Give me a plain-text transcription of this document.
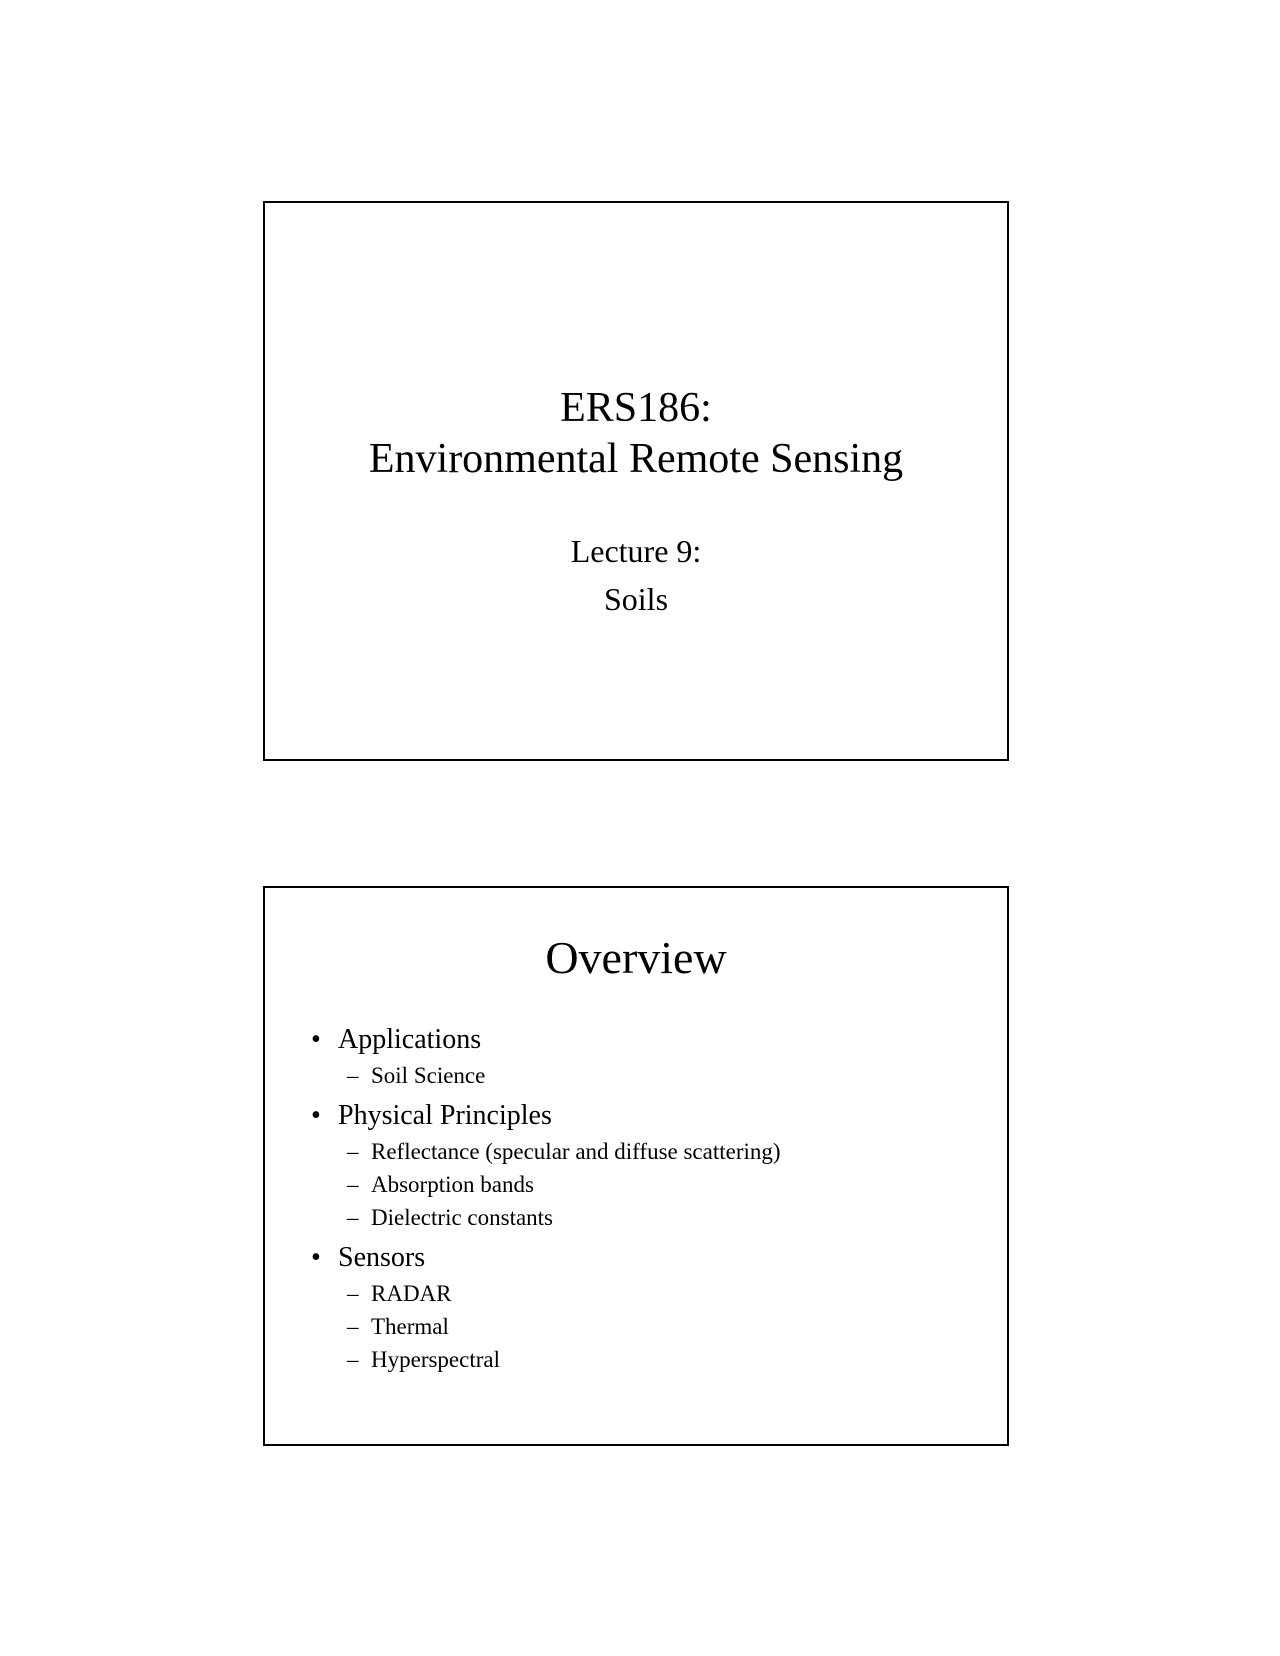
ERS186:
Environmental Remote Sensing
Lecture 9:
Soils
Overview
• Applications
– Soil Science
• Physical Principles
– Reflectance (specular and diffuse scattering)
– Absorption bands
– Dielectric constants
• Sensors
– RADAR
– Thermal
– Hyperspectral
